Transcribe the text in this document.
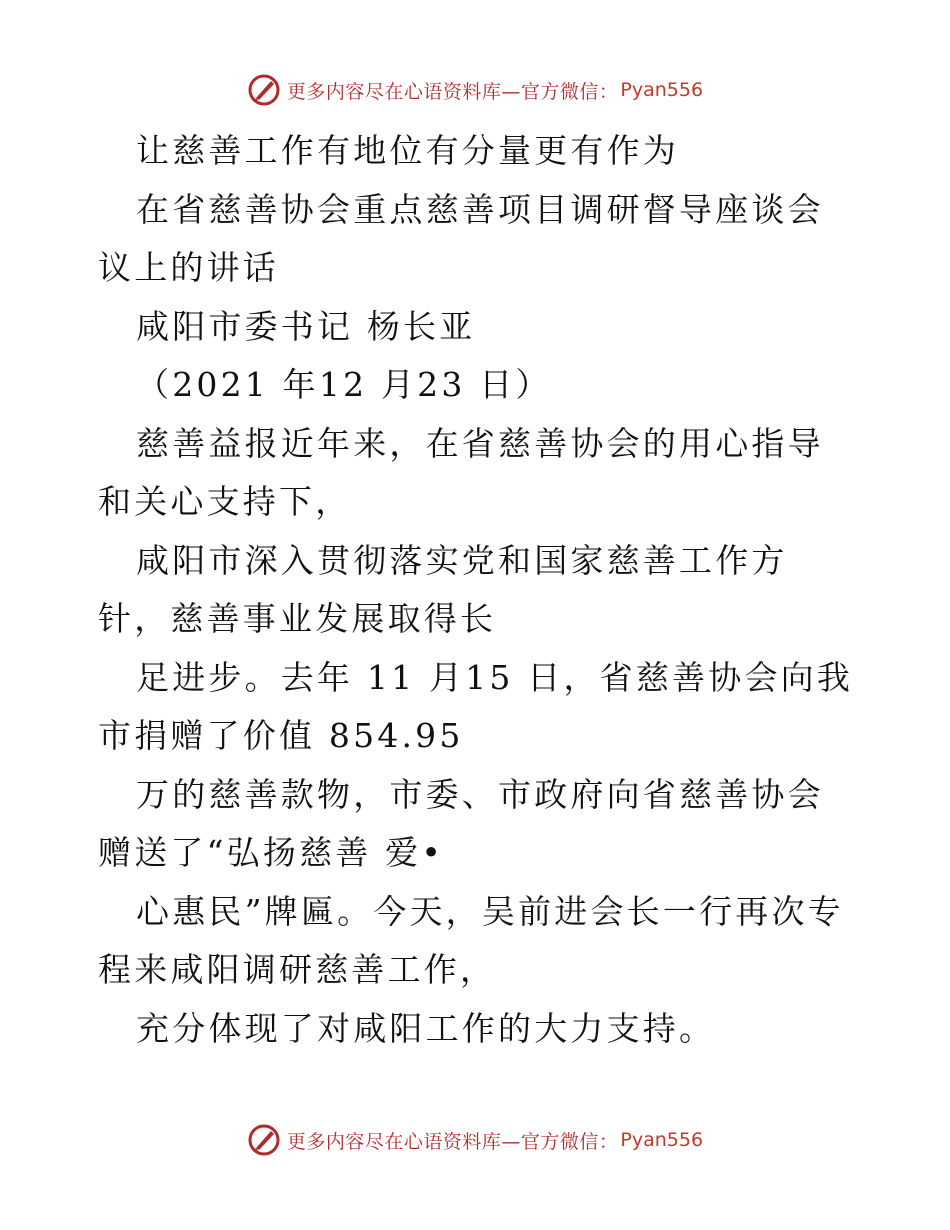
更多内容尽在心语资料库—官方微信： Pyan556

让慈善工作有地位有分量更有作为

在省慈善协会重点慈善项目调研督导座谈会议上的讲话

咸阳市委书记 杨长亚

（2021 年12 月23 日）

慈善益报近年来，在省慈善协会的用心指导和关心支持下，

咸阳市深入贯彻落实党和国家慈善工作方针，慈善事业发展取得长

足进步。去年 11 月15 日，省慈善协会向我市捐赠了价值 854.95

万的慈善款物，市委、市政府向省慈善协会赠送了“弘扬慈善 爱•

心惠民”牌匾。今天，吴前进会长一行再次专程来咸阳调研慈善工作，

充分体现了对咸阳工作的大力支持。

更多内容尽在心语资料库—官方微信： Pyan556
